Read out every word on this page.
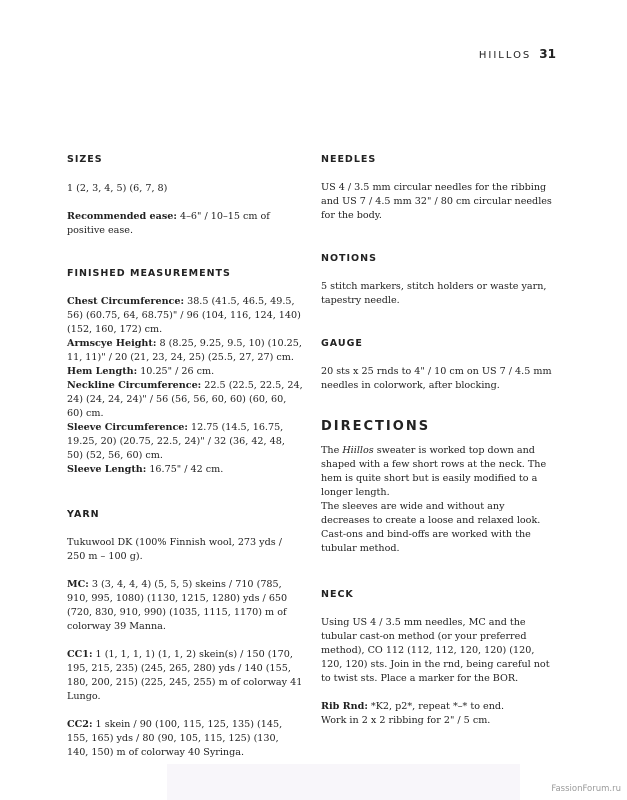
HIILLOS 31
SIZES

1 (2, 3, 4, 5) (6, 7, 8)

Recommended ease: 4–6" / 10–15 cm of positive ease.

FINISHED MEASUREMENTS

Chest Circumference: 38.5 (41.5, 46.5, 49.5, 56) (60.75, 64, 68.75)" / 96 (104, 116, 124, 140) (152, 160, 172) cm.

Armscye Height: 8 (8.25, 9.25, 9.5, 10) (10.25, 11, 11)" / 20 (21, 23, 24, 25) (25.5, 27, 27) cm.

Hem Length: 10.25" / 26 cm.

Neckline Circumference: 22.5 (22.5, 22.5, 24, 24) (24, 24, 24)" / 56 (56, 56, 60, 60) (60, 60, 60) cm.

Sleeve Circumference: 12.75 (14.5, 16.75, 19.25, 20) (20.75, 22.5, 24)" / 32 (36, 42, 48, 50) (52, 56, 60) cm.

Sleeve Length: 16.75" / 42 cm.

YARN

Tukuwool DK (100% Finnish wool, 273 yds / 250 m – 100 g).

MC: 3 (3, 4, 4, 4) (5, 5, 5) skeins / 710 (785, 910, 995, 1080) (1130, 1215, 1280) yds / 650 (720, 830, 910, 990) (1035, 1115, 1170) m of colorway 39 Manna.

CC1: 1 (1, 1, 1, 1) (1, 1, 2) skein(s) / 150 (170, 195, 215, 235) (245, 265, 280) yds / 140 (155, 180, 200, 215) (225, 245, 255) m of colorway 41 Lungo.

CC2: 1 skein / 90 (100, 115, 125, 135) (145, 155, 165) yds / 80 (90, 105, 115, 125) (130, 140, 150) m of colorway 40 Syringa.

NEEDLES

US 4 / 3.5 mm circular needles for the ribbing and US 7 / 4.5 mm 32" / 80 cm circular needles for the body.

NOTIONS

5 stitch markers, stitch holders or waste yarn, tapestry needle.

GAUGE

20 sts x 25 rnds to 4" / 10 cm on US 7 / 4.5 mm needles in colorwork, after blocking.

DIRECTIONS

The Hiillos sweater is worked top down and shaped with a few short rows at the neck. The hem is quite short but is easily modified to a longer length.

The sleeves are wide and without any decreases to create a loose and relaxed look. Cast-ons and bind-offs are worked with the tubular method.

NECK

Using US 4 / 3.5 mm needles, MC and the tubular cast-on method (or your preferred method), CO 112 (112, 112, 120, 120) (120, 120, 120) sts. Join in the rnd, being careful not to twist sts. Place a marker for the BOR.

Rib Rnd: *K2, p2*, repeat *–* to end.

Work in 2 x 2 ribbing for 2" / 5 cm.

FassionForum.ru
